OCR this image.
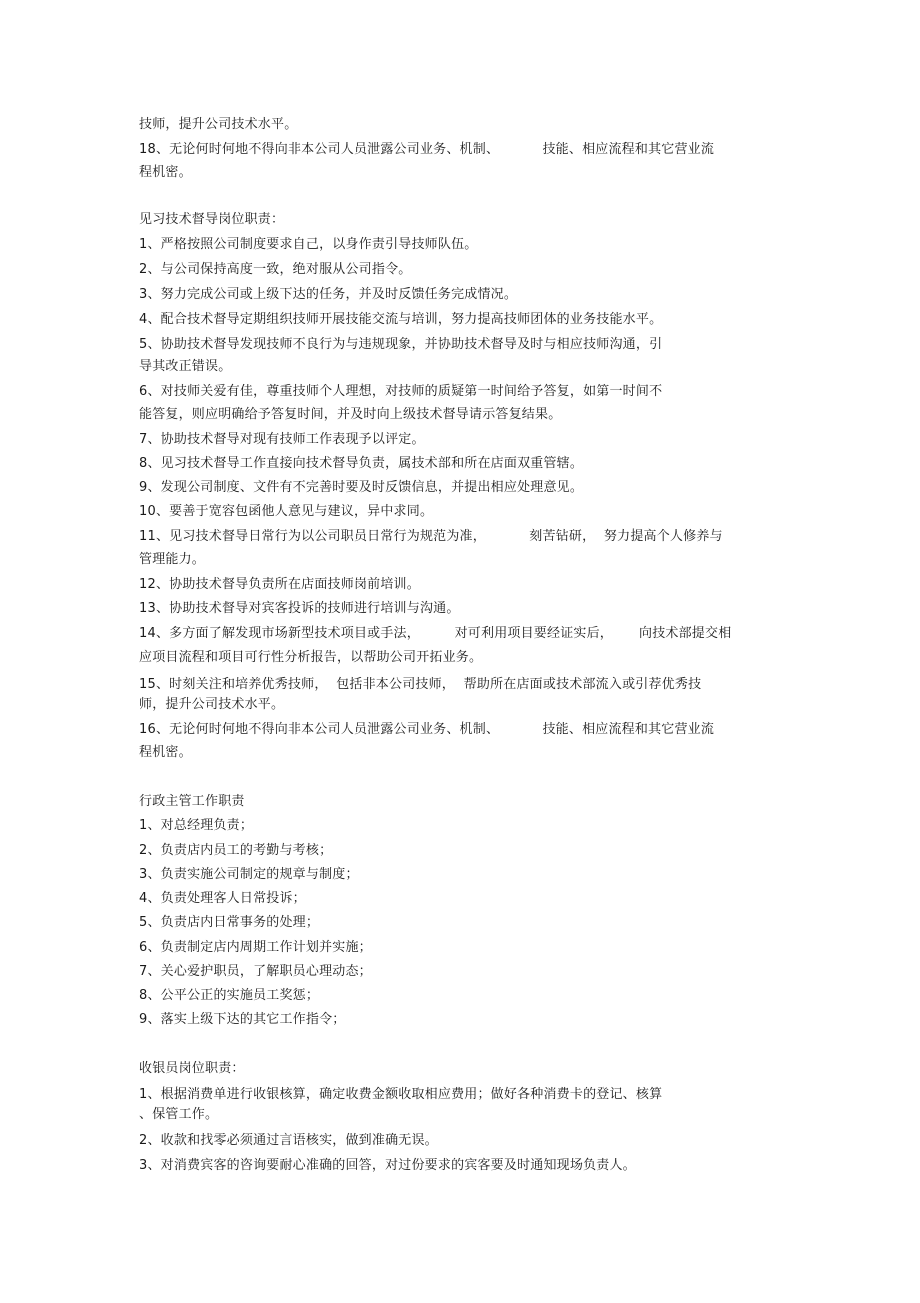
技师，提升公司技术水平。
18、无论何时何地不得向非本公司人员泄露公司业务、机制、          技能、相应流程和其它营业流
程机密。
见习技术督导岗位职责：
1、严格按照公司制度要求自己，以身作责引导技师队伍。
2、与公司保持高度一致，绝对服从公司指令。
3、努力完成公司或上级下达的任务，并及时反馈任务完成情况。
4、配合技术督导定期组织技师开展技能交流与培训，努力提高技师团体的业务技能水平。
5、协助技术督导发现技师不良行为与违规现象，并协助技术督导及时与相应技师沟通，引
导其改正错误。
6、对技师关爱有佳，尊重技师个人理想，对技师的质疑第一时间给予答复，如第一时间不
能答复，则应明确给予答复时间，并及时向上级技术督导请示答复结果。
7、协助技术督导对现有技师工作表现予以评定。
8、见习技术督导工作直接向技术督导负责，属技术部和所在店面双重管辖。
9、发现公司制度、文件有不完善时要及时反馈信息，并提出相应处理意见。
10、要善于宽容包函他人意见与建议，异中求同。
11、见习技术督导日常行为以公司职员日常行为规范为准，          刻苦钻研，  努力提高个人修养与
管理能力。
12、协助技术督导负责所在店面技师岗前培训。
13、协助技术督导对宾客投诉的技师进行培训与沟通。
14、多方面了解发现市场新型技术项目或手法，        对可利用项目要经证实后，      向技术部提交相
应项目流程和项目可行性分析报告，以帮助公司开拓业务。
15、时刻关注和培养优秀技师，  包括非本公司技师，  帮助所在店面或技术部流入或引荐优秀技
师，提升公司技术水平。
16、无论何时何地不得向非本公司人员泄露公司业务、机制、          技能、相应流程和其它营业流
程机密。
行政主管工作职责
1、对总经理负责；
2、负责店内员工的考勤与考核；
3、负责实施公司制定的规章与制度；
4、负责处理客人日常投诉；
5、负责店内日常事务的处理；
6、负责制定店内周期工作计划并实施；
7、关心爱护职员，了解职员心理动态；
8、公平公正的实施员工奖惩；
9、落实上级下达的其它工作指令；
收银员岗位职责：
1、根据消费单进行收银核算，确定收费金额收取相应费用；做好各种消费卡的登记、核算
、保管工作。
2、收款和找零必须通过言语核实，做到准确无误。
3、对消费宾客的咨询要耐心准确的回答，对过份要求的宾客要及时通知现场负责人。
